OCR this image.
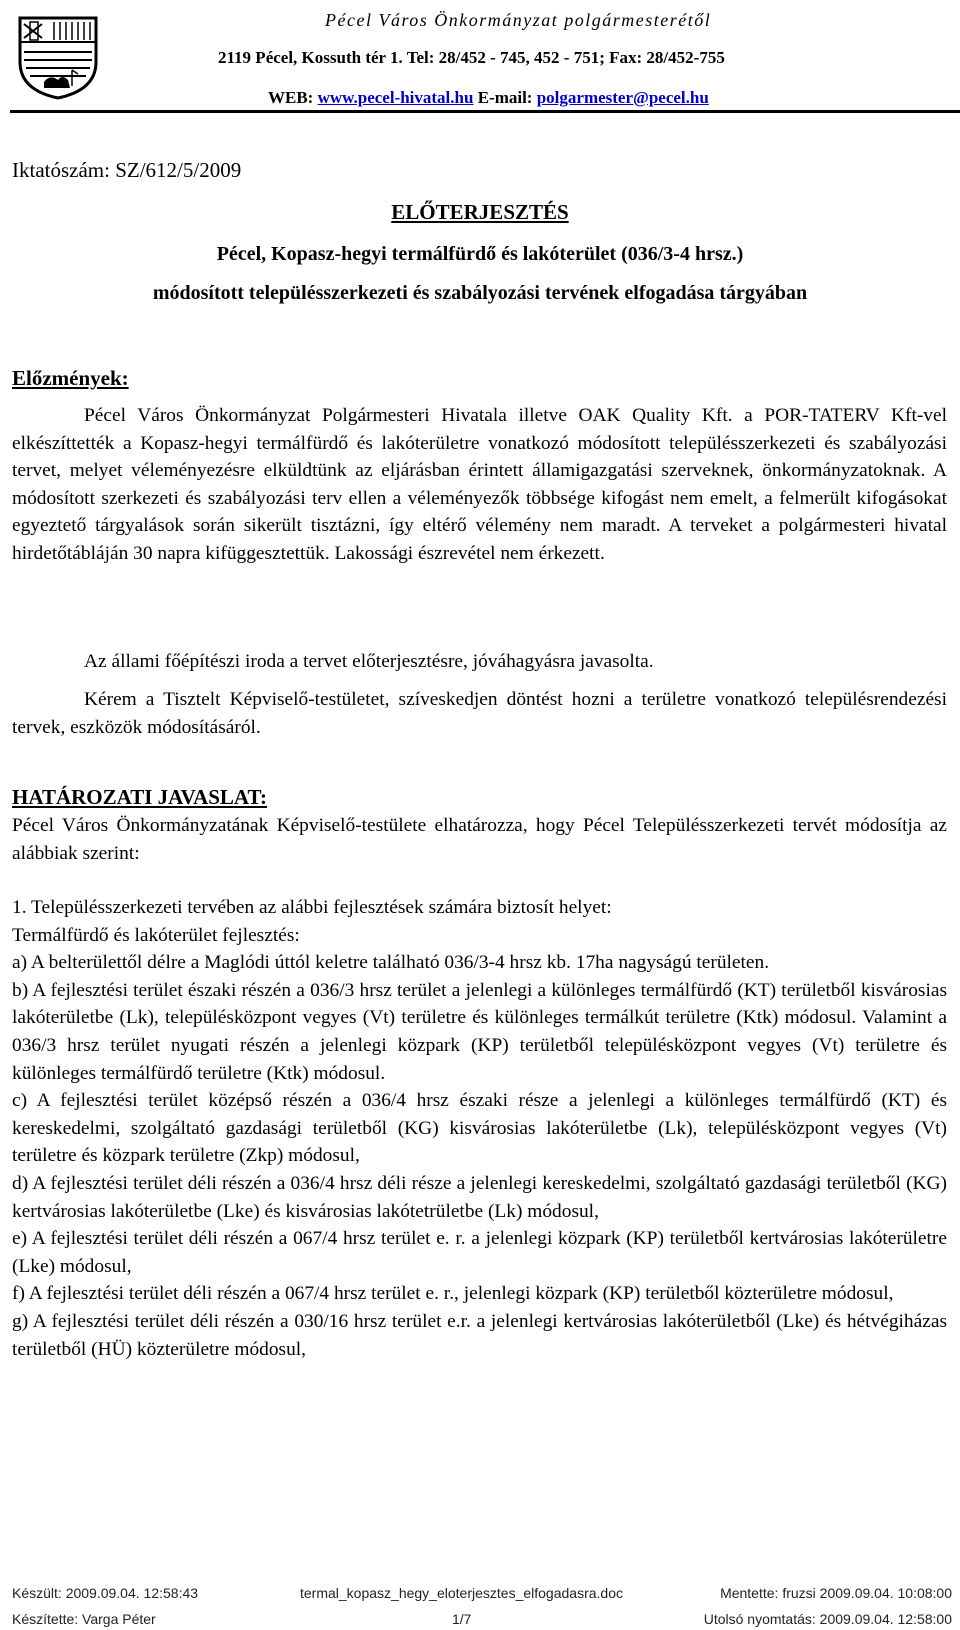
Pécel Város Önkormányzat polgármesterétől
2119 Pécel, Kossuth tér 1. Tel: 28/452 - 745, 452 - 751; Fax: 28/452-755
WEB: www.pecel-hivatal.hu E-mail: polgarmester@pecel.hu
Iktatószám: SZ/612/5/2009
ELŐTERJESZTÉS
Pécel, Kopasz-hegyi termálfürdő és lakóterület (036/3-4 hrsz.)
módosított településszerkezeti és szabályozási tervének elfogadása tárgyában
Előzmények:
Pécel Város Önkormányzat Polgármesteri Hivatala illetve OAK Quality Kft. a POR-TATERV Kft-vel elkészíttették a Kopasz-hegyi termálfürdő és lakóterületre vonatkozó módosított településszerkezeti és szabályozási tervet, melyet véleményezésre elküldtünk az eljárásban érintett államigazgatási szerveknek, önkormányzatoknak. A módosított szerkezeti és szabályozási terv ellen a véleményezők többsége kifogást nem emelt, a felmerült kifogásokat egyeztető tárgyalások során sikerült tisztázni, így eltérő vélemény nem maradt. A terveket a polgármesteri hivatal hirdetőtábláján 30 napra kifüggesztettük. Lakossági észrevétel nem érkezett.
Az állami főépítészi iroda a tervet előterjesztésre, jóváhagyásra javasolta.
Kérem a Tisztelt Képviselő-testületet, szíveskedjen döntést hozni a területre vonatkozó településrendezési tervek, eszközök módosításáról.
HATÁROZATI JAVASLAT:
Pécel Város Önkormányzatának Képviselő-testülete elhatározza, hogy Pécel Településszerkezeti tervét módosítja az alábbiak szerint:

1. Településszerkezeti tervében az alábbi fejlesztések számára biztosít helyet:

Termálfürdő és lakóterület fejlesztés:

a) A belterülettől délre a Maglódi úttól keletre található 036/3-4 hrsz kb. 17ha nagyságú területen.

b) A fejlesztési terület északi részén a 036/3 hrsz terület a jelenlegi a különleges termálfürdő (KT) területből kisvárosias lakóterületbe (Lk), településközpont vegyes (Vt) területre és különleges termálkút területre (Ktk) módosul. Valamint a 036/3 hrsz terület nyugati részén a jelenlegi közpark (KP) területből településközpont vegyes (Vt) területre és különleges termálfürdő területre (Ktk) módosul.

c) A fejlesztési terület középső részén a 036/4 hrsz északi része a jelenlegi a különleges termálfürdő (KT) és kereskedelmi, szolgáltató gazdasági területből (KG) kisvárosias lakóterületbe (Lk), településközpont vegyes (Vt) területre és közpark területre (Zkp) módosul,

d) A fejlesztési terület déli részén a 036/4 hrsz déli része a jelenlegi kereskedelmi, szolgáltató gazdasági területből (KG) kertvárosias lakóterületbe (Lke) és kisvárosias lakótetrületbe (Lk) módosul,

e) A fejlesztési terület déli részén a 067/4 hrsz terület e. r. a jelenlegi közpark (KP) területből kertvárosias lakóterületre (Lke) módosul,

f) A fejlesztési terület déli részén a 067/4 hrsz terület e. r., jelenlegi közpark (KP) területből közterületre módosul,

g) A fejlesztési terület déli részén a 030/16 hrsz terület e.r. a jelenlegi kertvárosias lakóterületből (Lke) és hétvégiházas területből (HÜ) közterületre módosul,

Készült: 2009.09.04. 12:58:43	termal_kopasz_hegy_eloterjesztes_elfogadasra.doc	Mentette: fruzsi 2009.09.04. 10:08:00
Készítette: Varga Péter	1/7	Utolsó nyomtatás: 2009.09.04. 12:58:00
